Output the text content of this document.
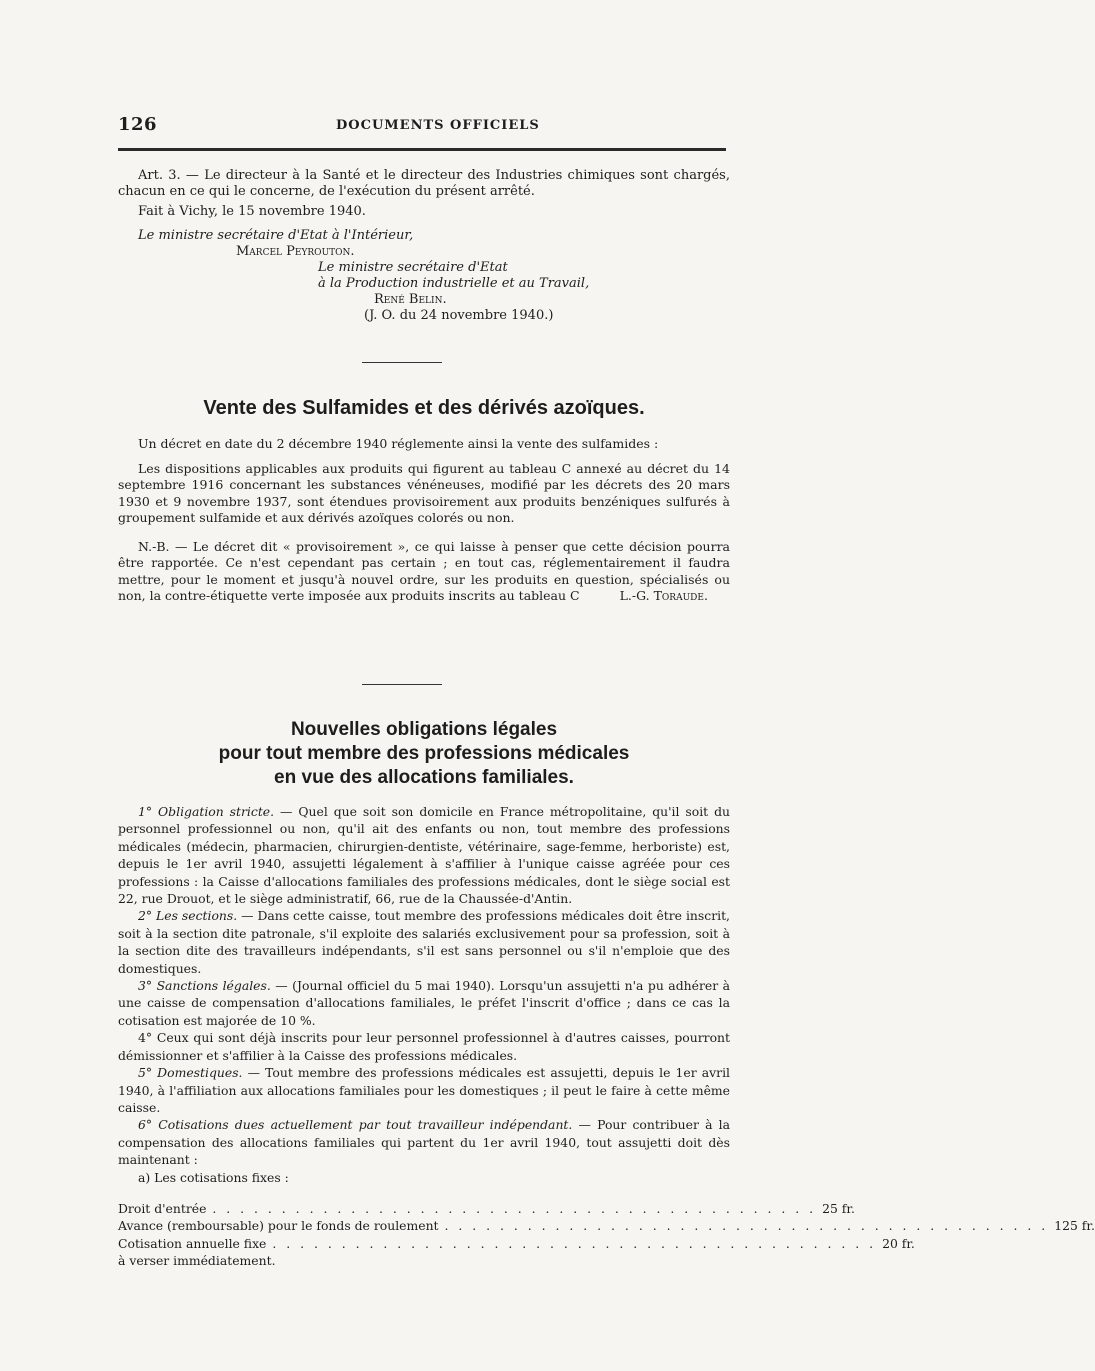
126	DOCUMENTS OFFICIELS

Art. 3. — Le directeur à la Santé et le directeur des Industries chimiques sont chargés, chacun en ce qui le concerne, de l'exécution du présent arrêté.

Fait à Vichy, le 15 novembre 1940.

Le ministre secrétaire d'Etat à l'Intérieur,

Marcel Peyrouton.

Le ministre secrétaire d'Etat

à la Production industrielle et au Travail,

René Belin.

(J. O. du 24 novembre 1940.)

Vente des Sulfamides et des dérivés azoïques.

Un décret en date du 2 décembre 1940 réglemente ainsi la vente des sulfamides :

Les dispositions applicables aux produits qui figurent au tableau C annexé au décret du 14 septembre 1916 concernant les substances vénéneuses, modifié par les décrets des 20 mars 1930 et 9 novembre 1937, sont étendues provisoirement aux produits benzéniques sulfurés à groupement sulfamide et aux dérivés azoïques colorés ou non.

N.-B. — Le décret dit « provisoirement », ce qui laisse à penser que cette décision pourra être rapportée. Ce n'est cependant pas certain ; en tout cas, réglementairement il faudra mettre, pour le moment et jusqu'à nouvel ordre, sur les produits en question, spécialisés ou non, la contre-étiquette verte imposée aux produits inscrits au tableau C	L.-G. Toraude.

Nouvelles obligations légales
pour tout membre des professions médicales
en vue des allocations familiales.

1° Obligation stricte. — Quel que soit son domicile en France métropolitaine, qu'il soit du personnel professionnel ou non, qu'il ait des enfants ou non, tout membre des professions médicales (médecin, pharmacien, chirurgien-dentiste, vétérinaire, sage-femme, herboriste) est, depuis le 1er avril 1940, assujetti légalement à s'affilier à l'unique caisse agréée pour ces professions : la Caisse d'allocations familiales des professions médicales, dont le siège social est 22, rue Drouot, et le siège administratif, 66, rue de la Chaussée-d'Antin.

2° Les sections. — Dans cette caisse, tout membre des professions médicales doit être inscrit, soit à la section dite patronale, s'il exploite des salariés exclusivement pour sa profession, soit à la section dite des travailleurs indépendants, s'il est sans personnel ou s'il n'emploie que des domestiques.

3° Sanctions légales. — (Journal officiel du 5 mai 1940). Lorsqu'un assujetti n'a pu adhérer à une caisse de compensation d'allocations familiales, le préfet l'inscrit d'office ; dans ce cas la cotisation est majorée de 10 %.

4° Ceux qui sont déjà inscrits pour leur personnel professionnel à d'autres caisses, pourront démissionner et s'affilier à la Caisse des professions médicales.

5° Domestiques. — Tout membre des professions médicales est assujetti, depuis le 1er avril 1940, à l'affiliation aux allocations familiales pour les domestiques ; il peut le faire à cette même caisse.

6° Cotisations dues actuellement par tout travailleur indépendant. — Pour contribuer à la compensation des allocations familiales qui partent du 1er avril 1940, tout assujetti doit dès maintenant :

a) Les cotisations fixes :

Droit d'entrée . . . . . . . . . . . . . . . . . . . . . . . . . . . . . . . . . . . . . . . . . . . . 25 fr.
Avance (remboursable) pour le fonds de roulement . . . . . . . . . . . . . . . . . . . . . . . . . . . . . . . . . . . . . . . . . . . . 125 fr.
Cotisation annuelle fixe . . . . . . . . . . . . . . . . . . . . . . . . . . . . . . . . . . . . . . . . . . . . 20 fr.

à verser immédiatement.
